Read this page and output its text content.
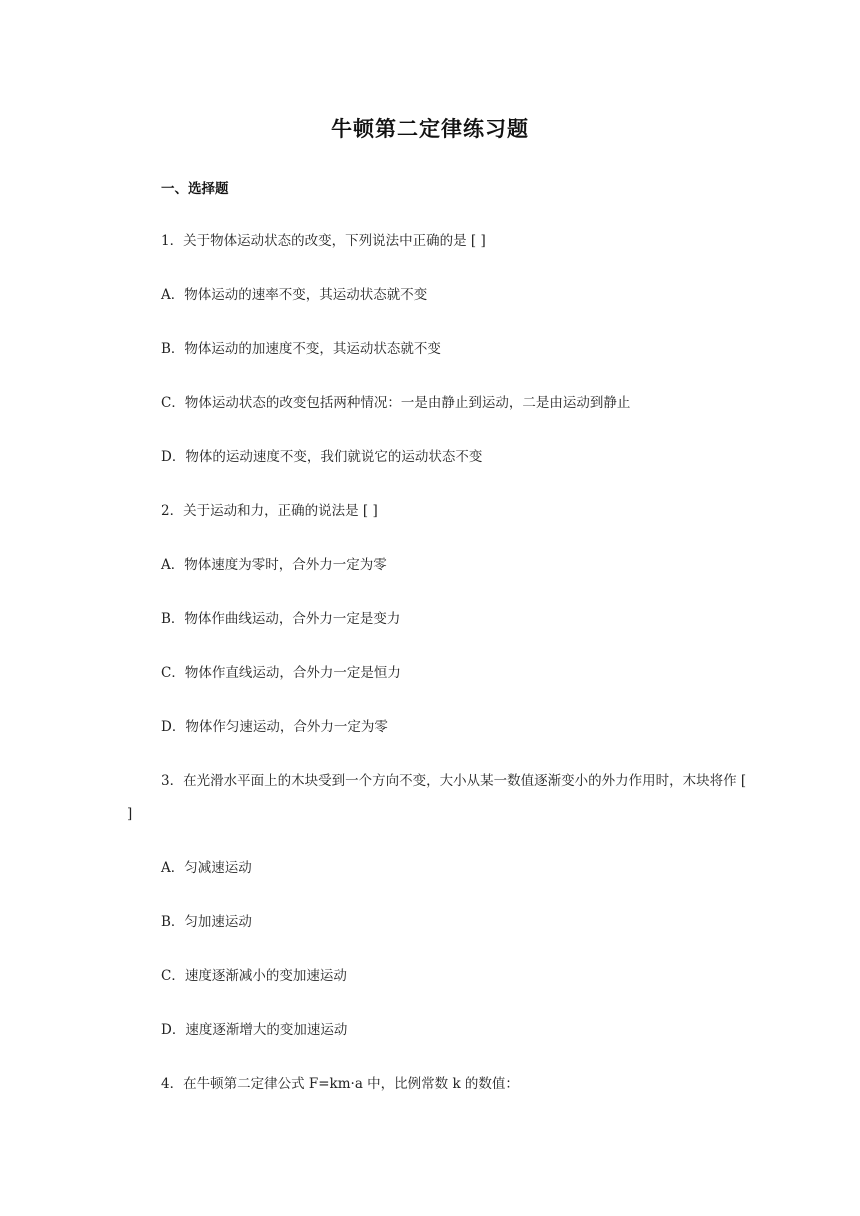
牛顿第二定律练习题
一、选择题
1．关于物体运动状态的改变，下列说法中正确的是 [ ]
A．物体运动的速率不变，其运动状态就不变
B．物体运动的加速度不变，其运动状态就不变
C．物体运动状态的改变包括两种情况：一是由静止到运动，二是由运动到静止
D．物体的运动速度不变，我们就说它的运动状态不变
2．关于运动和力，正确的说法是 [ ]
A．物体速度为零时，合外力一定为零
B．物体作曲线运动，合外力一定是变力
C．物体作直线运动，合外力一定是恒力
D．物体作匀速运动，合外力一定为零
3．在光滑水平面上的木块受到一个方向不变，大小从某一数值逐渐变小的外力作用时，木块将作 [ ]
A．匀减速运动
B．匀加速运动
C．速度逐渐减小的变加速运动
D．速度逐渐增大的变加速运动
4．在牛顿第二定律公式 F=km·a 中，比例常数 k 的数值：
